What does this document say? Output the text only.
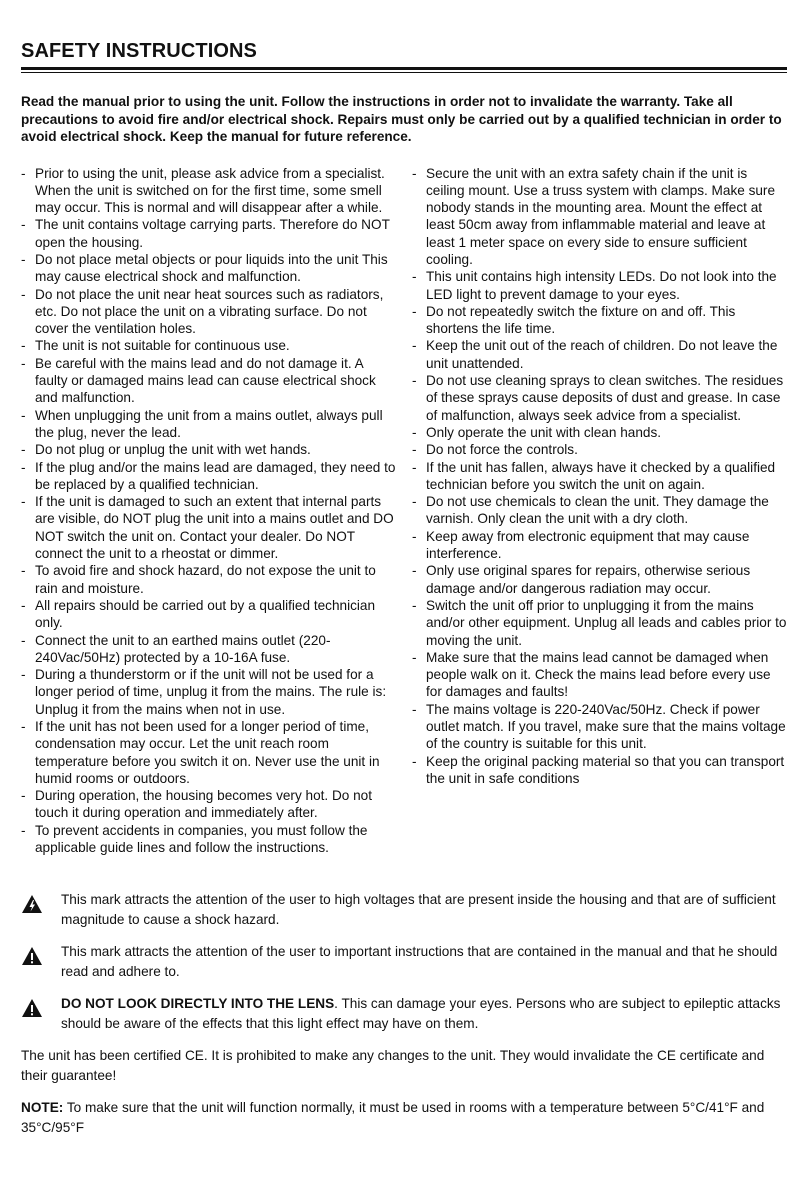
SAFETY INSTRUCTIONS

Read the manual prior to using the unit. Follow the instructions in order not to invalidate the warranty. Take all precautions to avoid fire and/or electrical shock. Repairs must only be carried out by a qualified technician in order to avoid electrical shock. Keep the manual for future reference.

- Prior to using the unit, please ask advice from a specialist. When the unit is switched on for the first time, some smell may occur. This is normal and will disappear after a while.
- The unit contains voltage carrying parts. Therefore do NOT open the housing.
- Do not place metal objects or pour liquids into the unit This may cause electrical shock and malfunction.
- Do not place the unit near heat sources such as radiators, etc. Do not place the unit on a vibrating surface. Do not cover the ventilation holes.
- The unit is not suitable for continuous use.
- Be careful with the mains lead and do not damage it. A faulty or damaged mains lead can cause electrical shock and malfunction.
- When unplugging the unit from a mains outlet, always pull the plug, never the lead.
- Do not plug or unplug the unit with wet hands.
- If the plug and/or the mains lead are damaged, they need to be replaced by a qualified technician.
- If the unit is damaged to such an extent that internal parts are visible, do NOT plug the unit into a mains outlet and DO NOT switch the unit on. Contact your dealer. Do NOT connect the unit to a rheostat or dimmer.
- To avoid fire and shock hazard, do not expose the unit to rain and moisture.
- All repairs should be carried out by a qualified technician only.
- Connect the unit to an earthed mains outlet (220-240Vac/50Hz) protected by a 10-16A fuse.
- During a thunderstorm or if the unit will not be used for a longer period of time, unplug it from the mains. The rule is: Unplug it from the mains when not in use.
- If the unit has not been used for a longer period of time, condensation may occur. Let the unit reach room temperature before you switch it on. Never use the unit in humid rooms or outdoors.
- During operation, the housing becomes very hot. Do not touch it during operation and immediately after.
- To prevent accidents in companies, you must follow the applicable guide lines and follow the instructions.
- Secure the unit with an extra safety chain if the unit is ceiling mount. Use a truss system with clamps. Make sure nobody stands in the mounting area. Mount the effect at least 50cm away from inflammable material and leave at least 1 meter space on every side to ensure sufficient cooling.
- This unit contains high intensity LEDs. Do not look into the LED light to prevent damage to your eyes.
- Do not repeatedly switch the fixture on and off. This shortens the life time.
- Keep the unit out of the reach of children. Do not leave the unit unattended.
- Do not use cleaning sprays to clean switches. The residues of these sprays cause deposits of dust and grease. In case of malfunction, always seek advice from a specialist.
- Only operate the unit with clean hands.
- Do not force the controls.
- If the unit has fallen, always have it checked by a qualified technician before you switch the unit on again.
- Do not use chemicals to clean the unit. They damage the varnish. Only clean the unit with a dry cloth.
- Keep away from electronic equipment that may cause interference.
- Only use original spares for repairs, otherwise serious damage and/or dangerous radiation may occur.
- Switch the unit off prior to unplugging it from the mains and/or other equipment. Unplug all leads and cables prior to moving the unit.
- Make sure that the mains lead cannot be damaged when people walk on it. Check the mains lead before every use for damages and faults!
- The mains voltage is 220-240Vac/50Hz. Check if power outlet match. If you travel, make sure that the mains voltage of the country is suitable for this unit.
- Keep the original packing material so that you can transport the unit in safe conditions
This mark attracts the attention of the user to high voltages that are present inside the housing and that are of sufficient magnitude to cause a shock hazard.
This mark attracts the attention of the user to important instructions that are contained in the manual and that he should read and adhere to.
DO NOT LOOK DIRECTLY INTO THE LENS. This can damage your eyes. Persons who are subject to epileptic attacks should be aware of the effects that this light effect may have on them.
The unit has been certified CE. It is prohibited to make any changes to the unit. They would invalidate the CE certificate and their guarantee!
NOTE: To make sure that the unit will function normally, it must be used in rooms with a temperature between 5°C/41°F and 35°C/95°F
